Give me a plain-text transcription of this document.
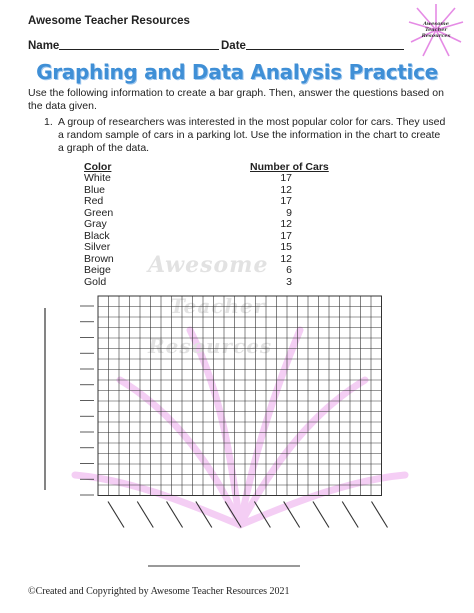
Awesome
Teacher
Resources
Awesome Teacher Resources
Name	Date
Graphing and Data Analysis Practice
Use the following information to create a bar graph. Then, answer the questions based on the data given.
1. A group of researchers was interested in the most popular color for cars. They used a random sample of cars in a parking lot. Use the information in the chart to create a graph of the data.
Color	Number of Cars
White	17
Blue	12
Red	17
Green	9
Gray	12
Black	17
Silver	15
Brown	12
Beige	6
Gold	3
Awesome
Teacher
Resources
©Created and Copyrighted by Awesome Teacher Resources 2021
